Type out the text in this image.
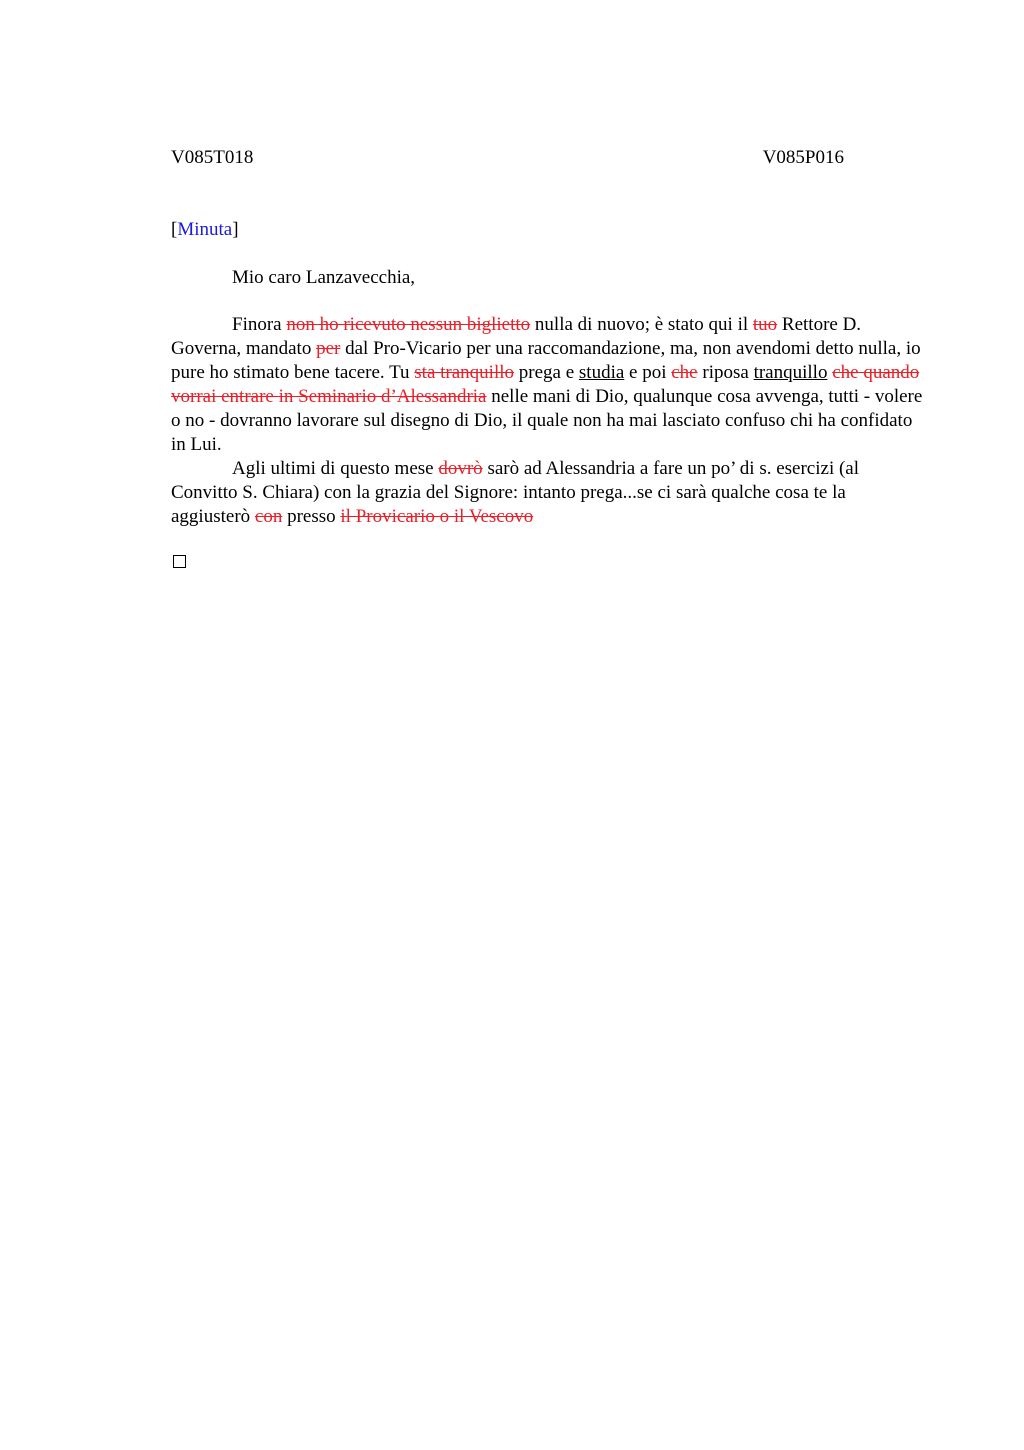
V085T018	V085P016
[Minuta]
Mio caro Lanzavecchia,

Finora non ho ricevuto nessun biglietto nulla di nuovo; è stato qui il tuo Rettore D. Governa, mandato per dal Pro-Vicario per una raccomandazione, ma, non avendomi detto nulla, io pure ho stimato bene tacere. Tu sta tranquillo prega e studia e poi che riposa tranquillo che quando vorrai entrare in Seminario d’Alessandria nelle mani di Dio, qualunque cosa avvenga, tutti - volere o no - dovranno lavorare sul disegno di Dio, il quale non ha mai lasciato confuso chi ha confidato in Lui.

Agli ultimi di questo mese dovrò sarò ad Alessandria a fare un po’ di s. esercizi (al Convitto S. Chiara) con la grazia del Signore: intanto prega...se ci sarà qualche cosa te la aggiusterò con presso il Provicario o il Vescovo
